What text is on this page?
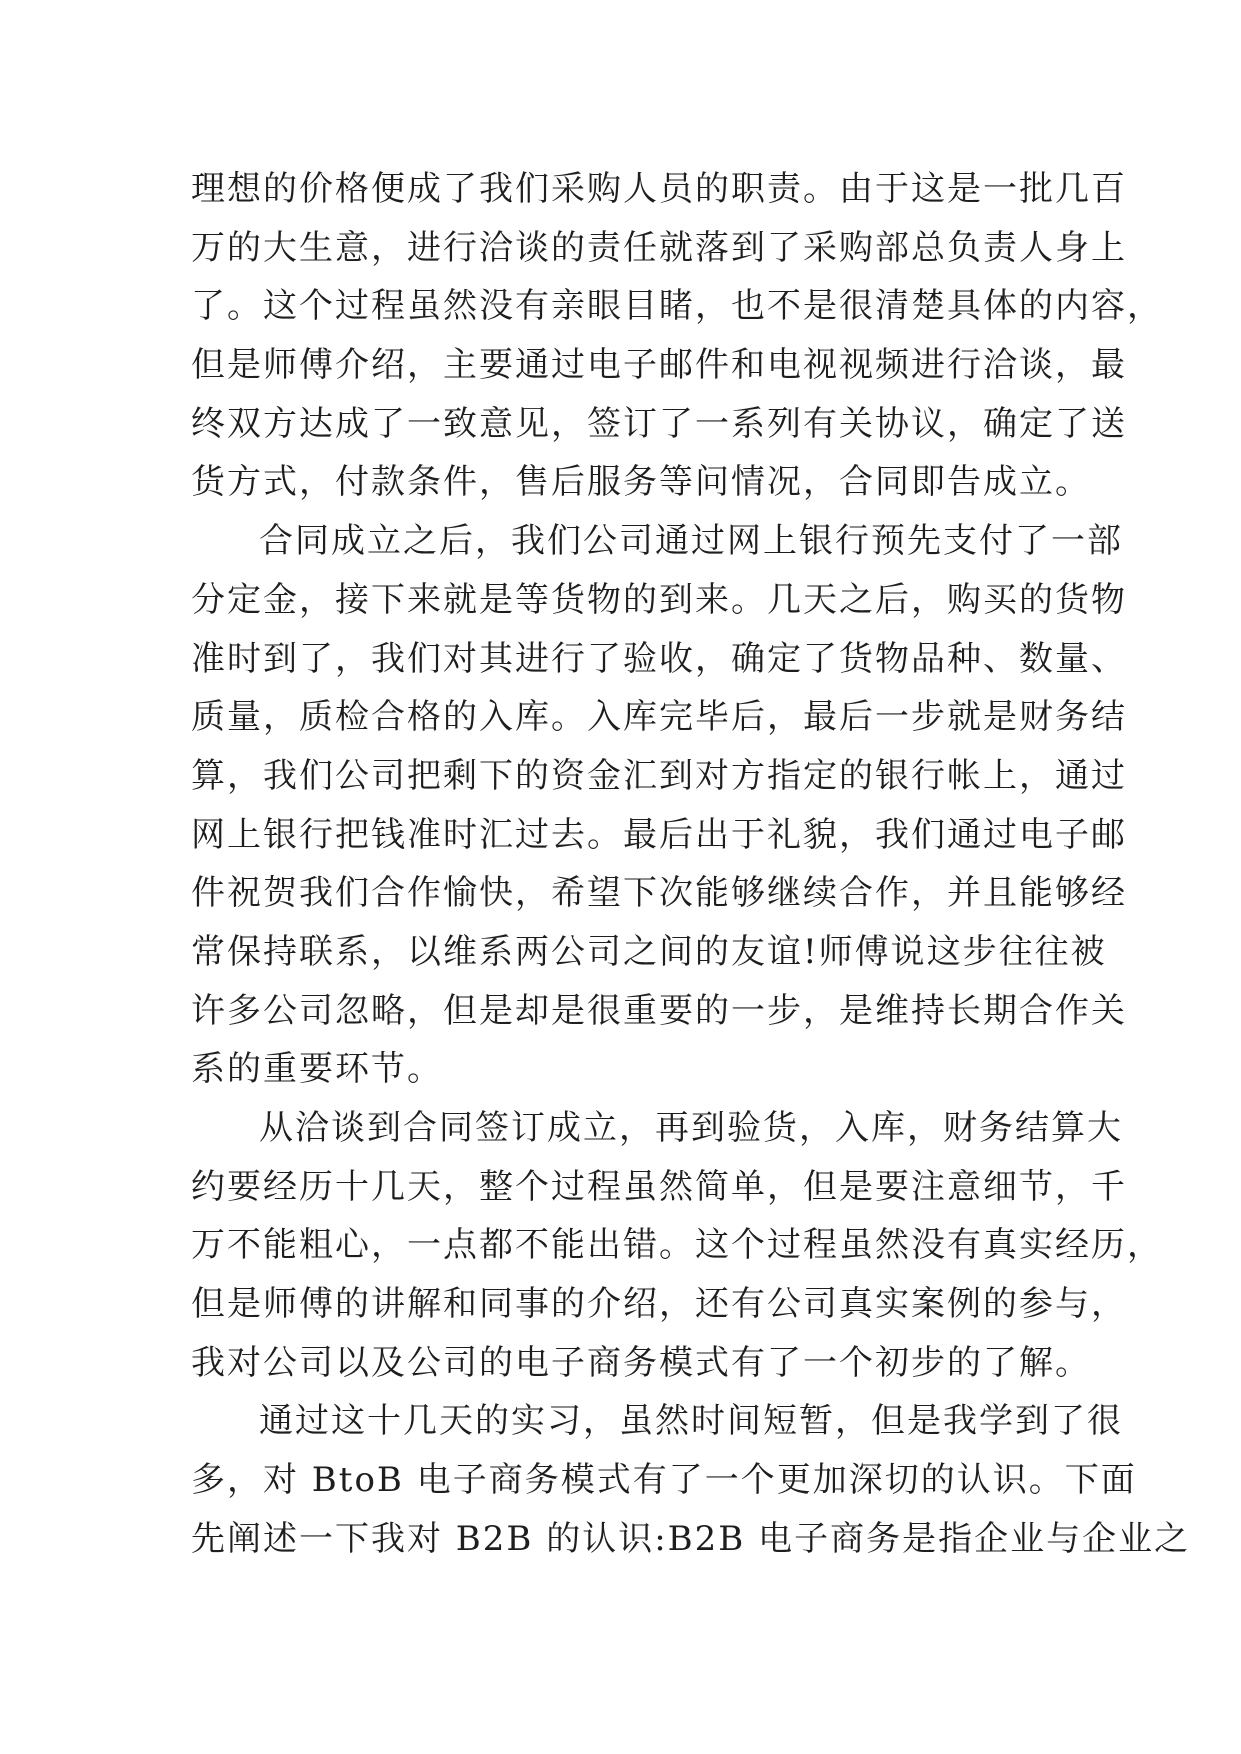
理想的价格便成了我们采购人员的职责。由于这是一批几百
万的大生意，进行洽谈的责任就落到了采购部总负责人身上
了。这个过程虽然没有亲眼目睹，也不是很清楚具体的内容，
但是师傅介绍，主要通过电子邮件和电视视频进行洽谈，最
终双方达成了一致意见，签订了一系列有关协议，确定了送
货方式，付款条件，售后服务等问情况，合同即告成立。
合同成立之后，我们公司通过网上银行预先支付了一部
分定金，接下来就是等货物的到来。几天之后，购买的货物
准时到了，我们对其进行了验收，确定了货物品种、数量、
质量，质检合格的入库。入库完毕后，最后一步就是财务结
算，我们公司把剩下的资金汇到对方指定的银行帐上，通过
网上银行把钱准时汇过去。最后出于礼貌，我们通过电子邮
件祝贺我们合作愉快，希望下次能够继续合作，并且能够经
常保持联系，以维系两公司之间的友谊!师傅说这步往往被
许多公司忽略，但是却是很重要的一步，是维持长期合作关
系的重要环节。
从洽谈到合同签订成立，再到验货，入库，财务结算大
约要经历十几天，整个过程虽然简单，但是要注意细节，千
万不能粗心，一点都不能出错。这个过程虽然没有真实经历，
但是师傅的讲解和同事的介绍，还有公司真实案例的参与，
我对公司以及公司的电子商务模式有了一个初步的了解。
通过这十几天的实习，虽然时间短暂，但是我学到了很
多，对 BtoB 电子商务模式有了一个更加深切的认识。下面
先阐述一下我对 B2B 的认识:B2B 电子商务是指企业与企业之
